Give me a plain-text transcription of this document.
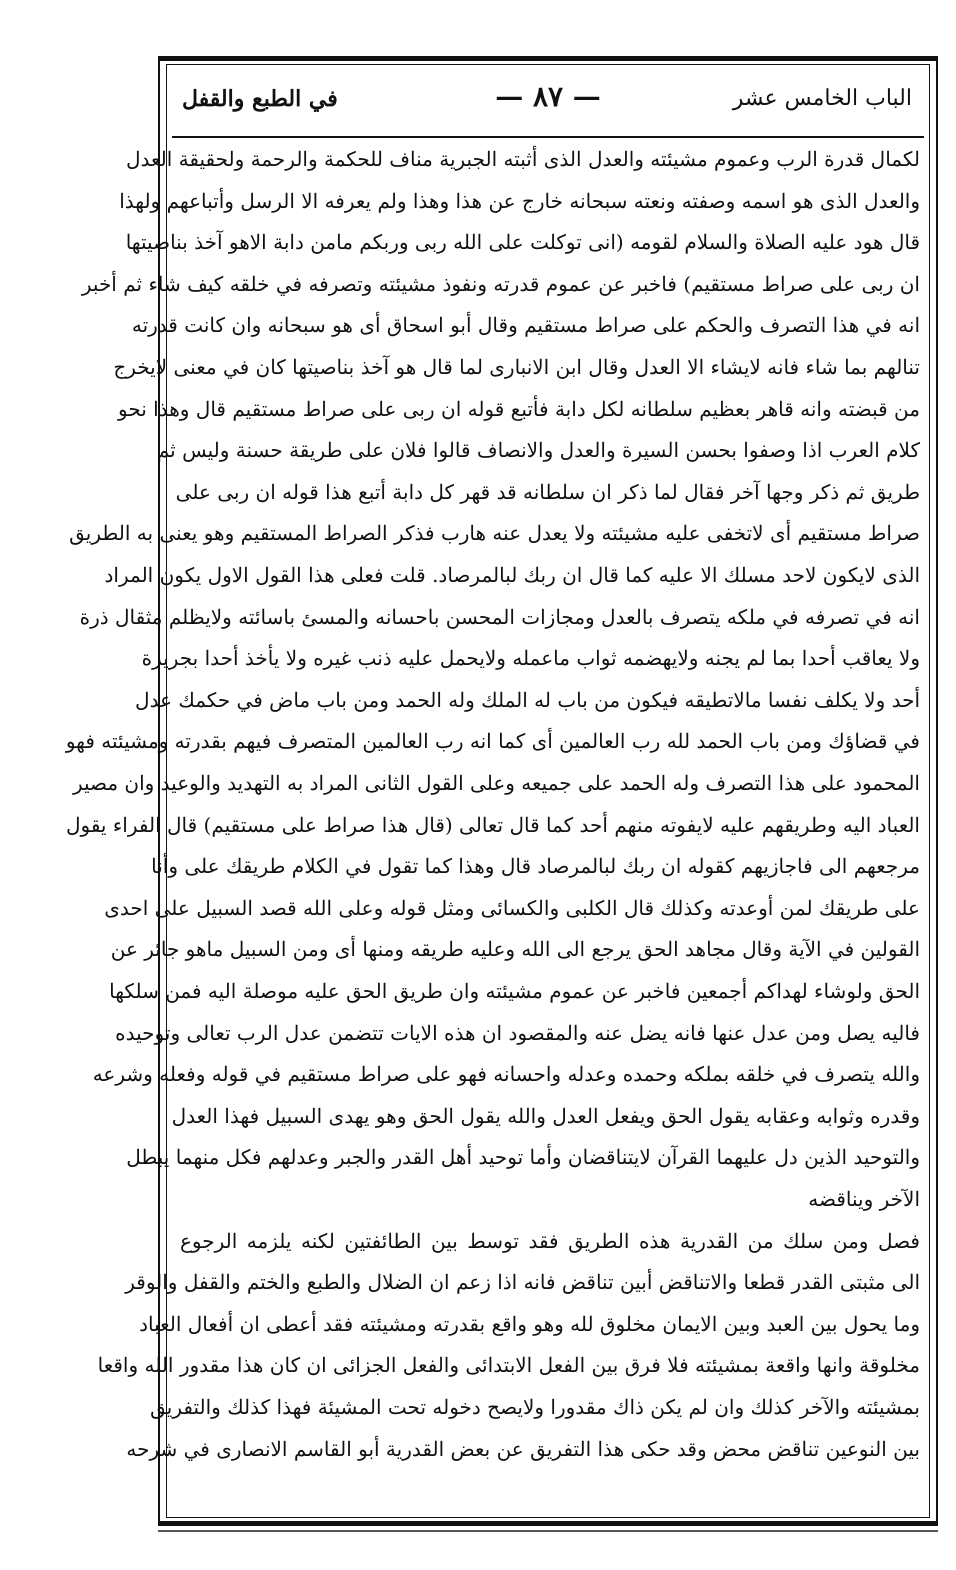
الباب الخامس عشر
— ٨٧ —
في الطبع والقفل
لكمال قدرة الرب وعموم مشيئته والعدل الذى أثبته الجبرية مناف للحكمة والرحمة ولحقيقة العدل
والعدل الذى هو اسمه وصفته ونعته سبحانه خارج عن هذا وهذا ولم يعرفه الا الرسل وأتباعهم ولهذا
قال هود عليه الصلاة والسلام لقومه (انى توكلت على الله ربى وربكم مامن دابة الاهو آخذ بناصيتها
ان ربى على صراط مستقيم) فاخبر عن عموم قدرته ونفوذ مشيئته وتصرفه في خلقه كيف شاء ثم أخبر
انه في هذا التصرف والحكم على صراط مستقيم وقال أبو اسحاق أى هو سبحانه وان كانت قدرته
تنالهم بما شاء فانه لايشاء الا العدل وقال ابن الانبارى لما قال هو آخذ بناصيتها كان في معنى لايخرج
من قبضته وانه قاهر بعظيم سلطانه لكل دابة فأتبع قوله ان ربى على صراط مستقيم قال وهذا نحو
كلام العرب اذا وصفوا بحسن السيرة والعدل والانصاف قالوا فلان على طريقة حسنة وليس ثم
طريق ثم ذكر وجها آخر فقال لما ذكر ان سلطانه قد قهر كل دابة أتبع هذا قوله ان ربى على
صراط مستقيم أى لاتخفى عليه مشيئته ولا يعدل عنه هارب فذكر الصراط المستقيم وهو يعنى به الطريق
الذى لايكون لاحد مسلك الا عليه كما قال ان ربك لبالمرصاد. قلت فعلى هذا القول الاول يكون المراد
انه في تصرفه في ملكه يتصرف بالعدل ومجازات المحسن باحسانه والمسئ باسائته ولايظلم مثقال ذرة
ولا يعاقب أحدا بما لم يجنه ولايهضمه ثواب ماعمله ولايحمل عليه ذنب غيره ولا يأخذ أحدا بجريرة
أحد ولا يكلف نفسا مالاتطيقه فيكون من باب له الملك وله الحمد ومن باب ماض في حكمك عدل
في قضاؤك ومن باب الحمد لله رب العالمين أى كما انه رب العالمين المتصرف فيهم بقدرته ومشيئته فهو
المحمود على هذا التصرف وله الحمد على جميعه وعلى القول الثانى المراد به التهديد والوعيد وان مصير
العباد اليه وطريقهم عليه لايفوته منهم أحد كما قال تعالى (قال هذا صراط على مستقيم) قال الفراء يقول
مرجعهم الى فاجازيهم كقوله ان ربك لبالمرصاد قال وهذا كما تقول في الكلام طريقك على وأنا
على طريقك لمن أوعدته وكذلك قال الكلبى والكسائى ومثل قوله وعلى الله قصد السبيل على احدى
القولين في الآية وقال مجاهد الحق يرجع الى الله وعليه طريقه ومنها أى ومن السبيل ماهو جائر عن
الحق ولوشاء لهداكم أجمعين فاخبر عن عموم مشيئته وان طريق الحق عليه موصلة اليه فمن سلكها
فاليه يصل ومن عدل عنها فانه يضل عنه والمقصود ان هذه الايات تتضمن عدل الرب تعالى وتوحيده
والله يتصرف في خلقه بملكه وحمده وعدله واحسانه فهو على صراط مستقيم في قوله وفعله وشرعه
وقدره وثوابه وعقابه يقول الحق ويفعل العدل والله يقول الحق وهو يهدى السبيل فهذا العدل
والتوحيد الذين دل عليهما القرآن لايتناقضان وأما توحيد أهل القدر والجبر وعدلهم فكل منهما يبطل
الآخر ويناقضه
فصل ومن سلك من القدرية هذه الطريق فقد توسط بين الطائفتين لكنه يلزمه الرجوع
الى مثبتى القدر قطعا والاتناقض أبين تناقض فانه اذا زعم ان الضلال والطبع والختم والقفل والوقر
وما يحول بين العبد وبين الايمان مخلوق لله وهو واقع بقدرته ومشيئته فقد أعطى ان أفعال العباد
مخلوقة وانها واقعة بمشيئته فلا فرق بين الفعل الابتدائى والفعل الجزائى ان كان هذا مقدور الله واقعا
بمشيئته والآخر كذلك وان لم يكن ذاك مقدورا ولايصح دخوله تحت المشيئة فهذا كذلك والتفريق
بين النوعين تناقض محض وقد حكى هذا التفريق عن بعض القدرية أبو القاسم الانصارى في شرحه
